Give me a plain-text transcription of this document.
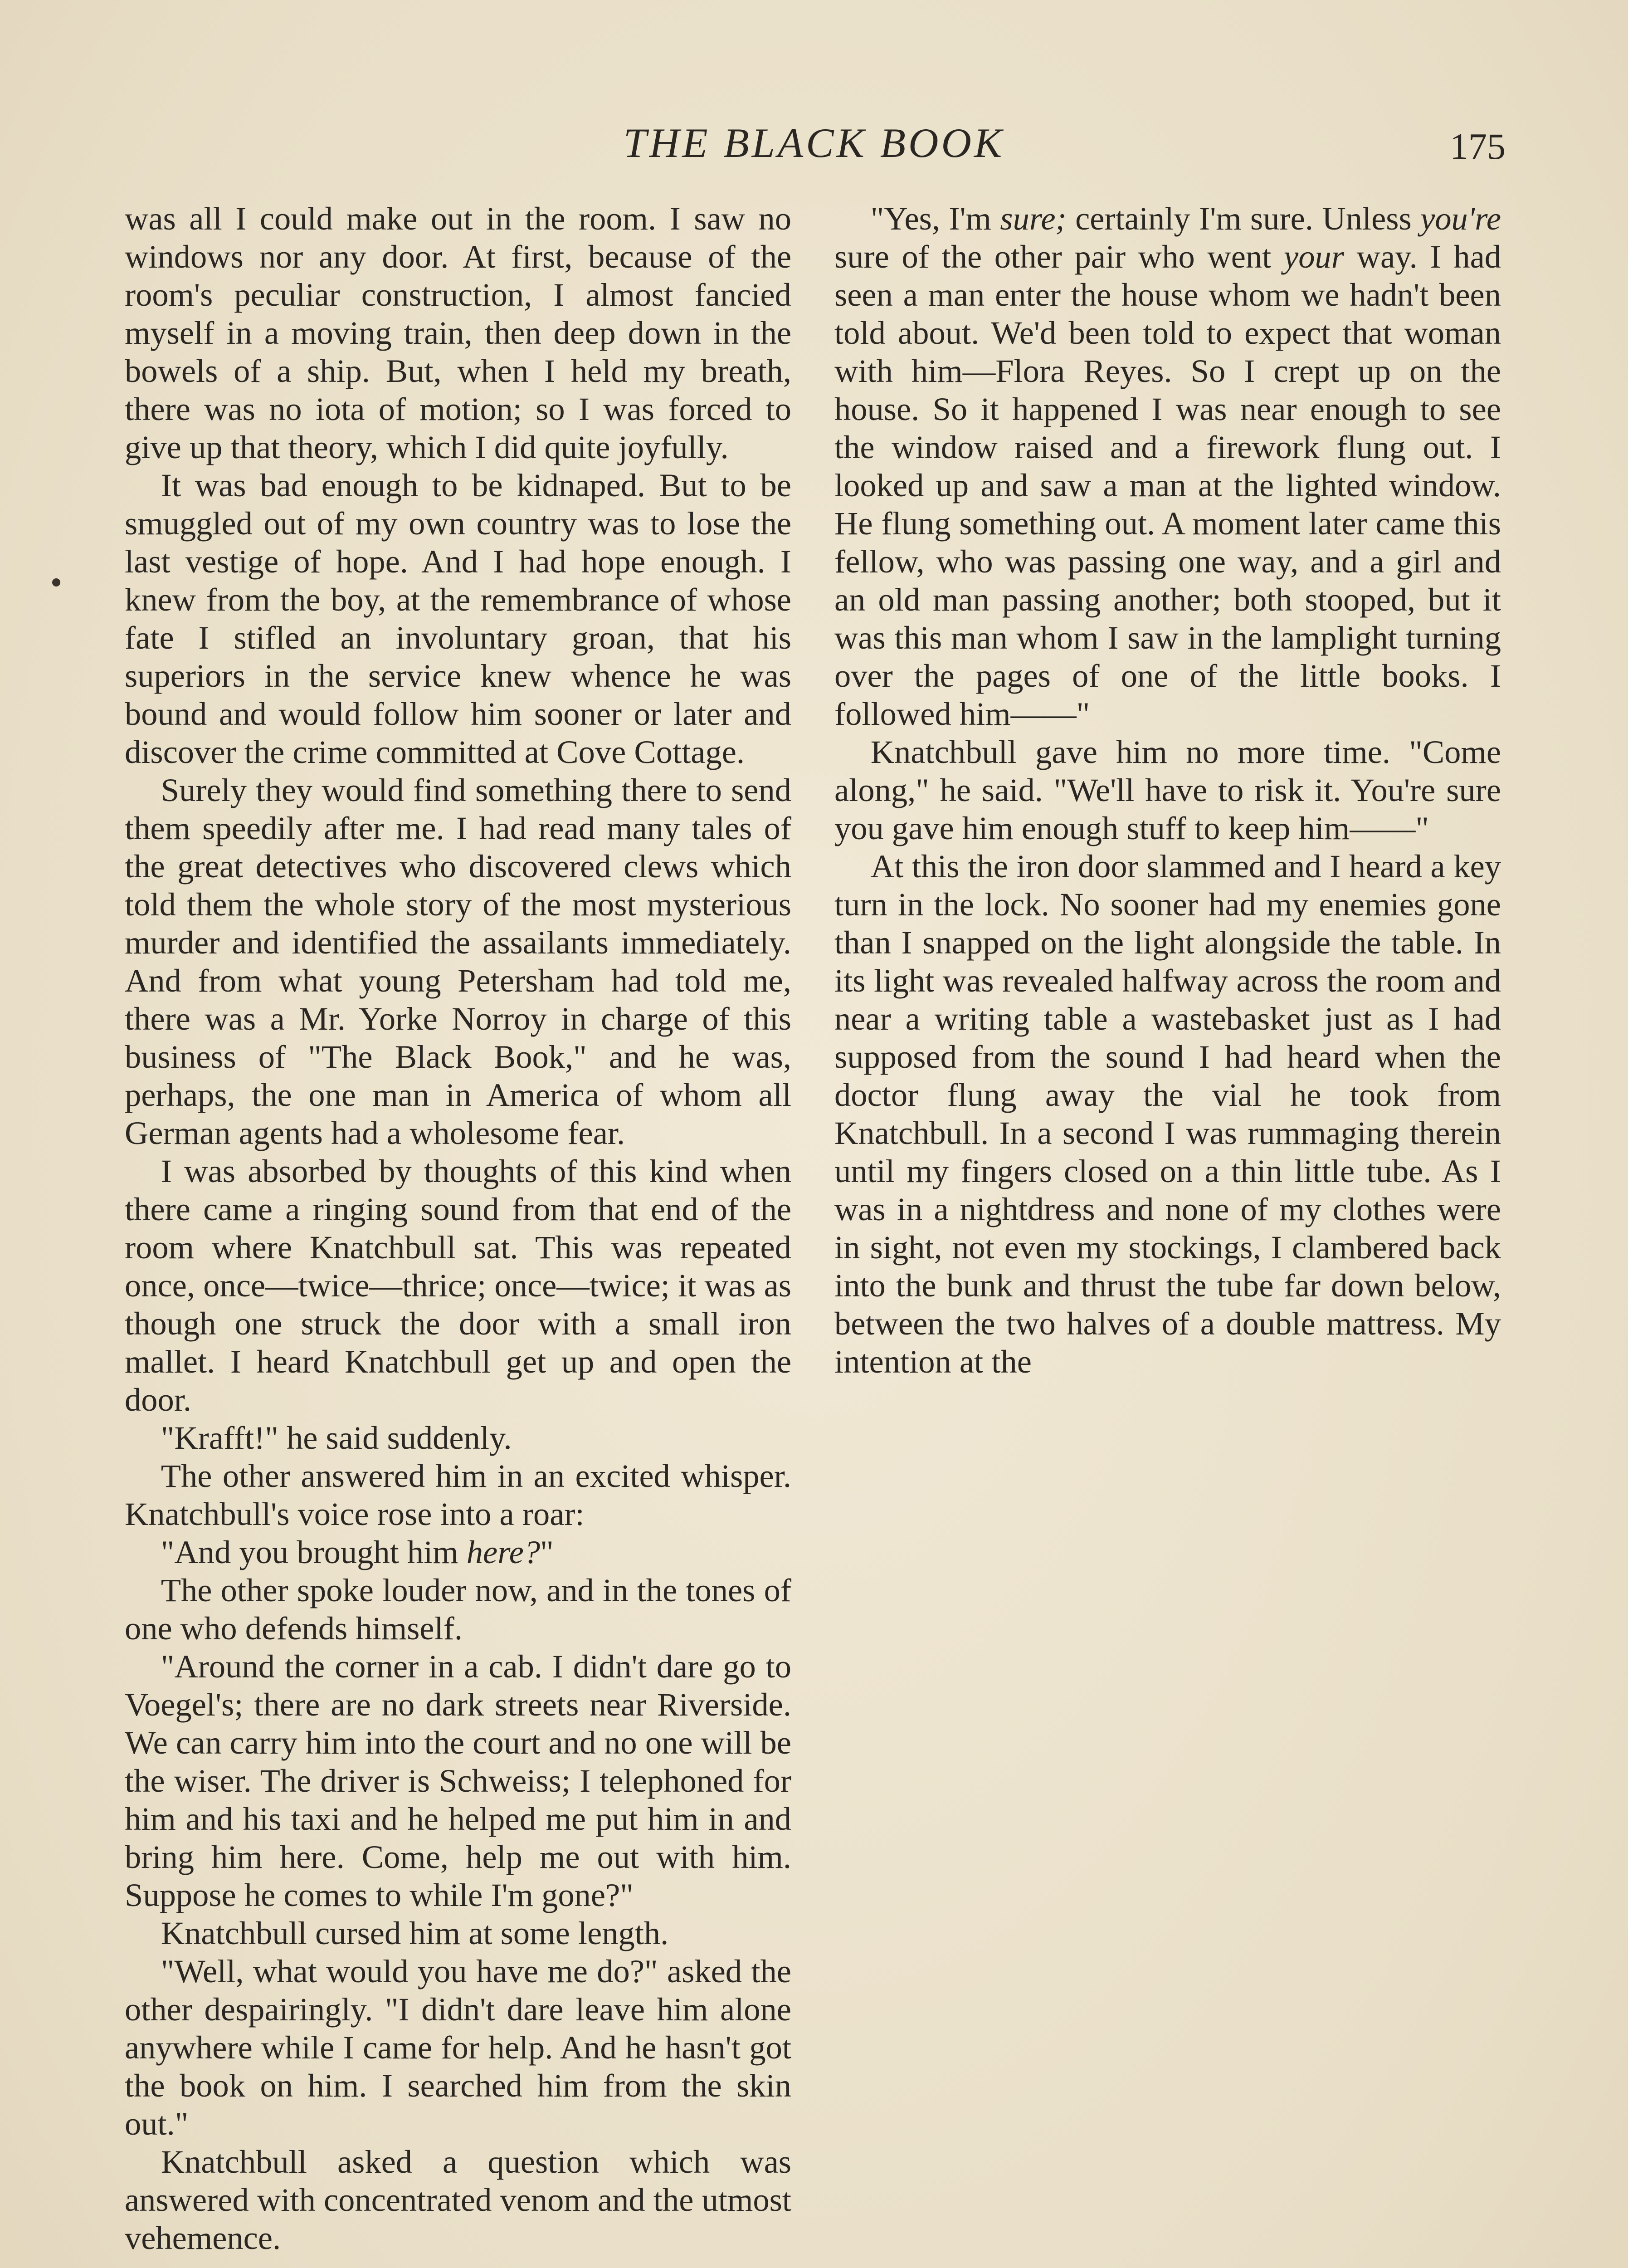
THE BLACK BOOK	175

was all I could make out in the room. I saw no windows nor any door. At first, because of the room's peculiar construction, I almost fancied myself in a moving train, then deep down in the bowels of a ship. But, when I held my breath, there was no iota of motion; so I was forced to give up that theory, which I did quite joyfully.

It was bad enough to be kidnaped. But to be smuggled out of my own country was to lose the last vestige of hope. And I had hope enough. I knew from the boy, at the remembrance of whose fate I stifled an involuntary groan, that his superiors in the service knew whence he was bound and would follow him sooner or later and discover the crime committed at Cove Cottage.

Surely they would find something there to send them speedily after me. I had read many tales of the great detectives who discovered clews which told them the whole story of the most mysterious murder and identified the assailants immediately. And from what young Petersham had told me, there was a Mr. Yorke Norroy in charge of this business of "The Black Book," and he was, perhaps, the one man in America of whom all German agents had a wholesome fear.

I was absorbed by thoughts of this kind when there came a ringing sound from that end of the room where Knatchbull sat. This was repeated once, once—twice—thrice; once—twice; it was as though one struck the door with a small iron mallet. I heard Knatchbull get up and open the door.

"Krafft!" he said suddenly.

The other answered him in an excited whisper. Knatchbull's voice rose into a roar:

"And you brought him here?"

The other spoke louder now, and in the tones of one who defends himself.

"Around the corner in a cab. I didn't dare go to Voegel's; there are no dark streets near Riverside. We can carry him into the court and no one will be the wiser. The driver is Schweiss; I telephoned for him and his taxi and he helped me put him in and bring him here. Come, help me out with him. Suppose he comes to while I'm gone?"

Knatchbull cursed him at some length.

"Well, what would you have me do?" asked the other despairingly. "I didn't dare leave him alone anywhere while I came for help. And he hasn't got the book on him. I searched him from the skin out."

Knatchbull asked a question which was answered with concentrated venom and the utmost vehemence.

"Yes, I'm sure; certainly I'm sure. Unless you're sure of the other pair who went your way. I had seen a man enter the house whom we hadn't been told about. We'd been told to expect that woman with him—Flora Reyes. So I crept up on the house. So it happened I was near enough to see the window raised and a firework flung out. I looked up and saw a man at the lighted window. He flung something out. A moment later came this fellow, who was passing one way, and a girl and an old man passing another; both stooped, but it was this man whom I saw in the lamplight turning over the pages of one of the little books. I followed him——"

Knatchbull gave him no more time. "Come along," he said. "We'll have to risk it. You're sure you gave him enough stuff to keep him——"

At this the iron door slammed and I heard a key turn in the lock. No sooner had my enemies gone than I snapped on the light alongside the table. In its light was revealed halfway across the room and near a writing table a wastebasket just as I had supposed from the sound I had heard when the doctor flung away the vial he took from Knatchbull. In a second I was rummaging therein until my fingers closed on a thin little tube. As I was in a nightdress and none of my clothes were in sight, not even my stockings, I clambered back into the bunk and thrust the tube far down below, between the two halves of a double mattress. My intention at the
